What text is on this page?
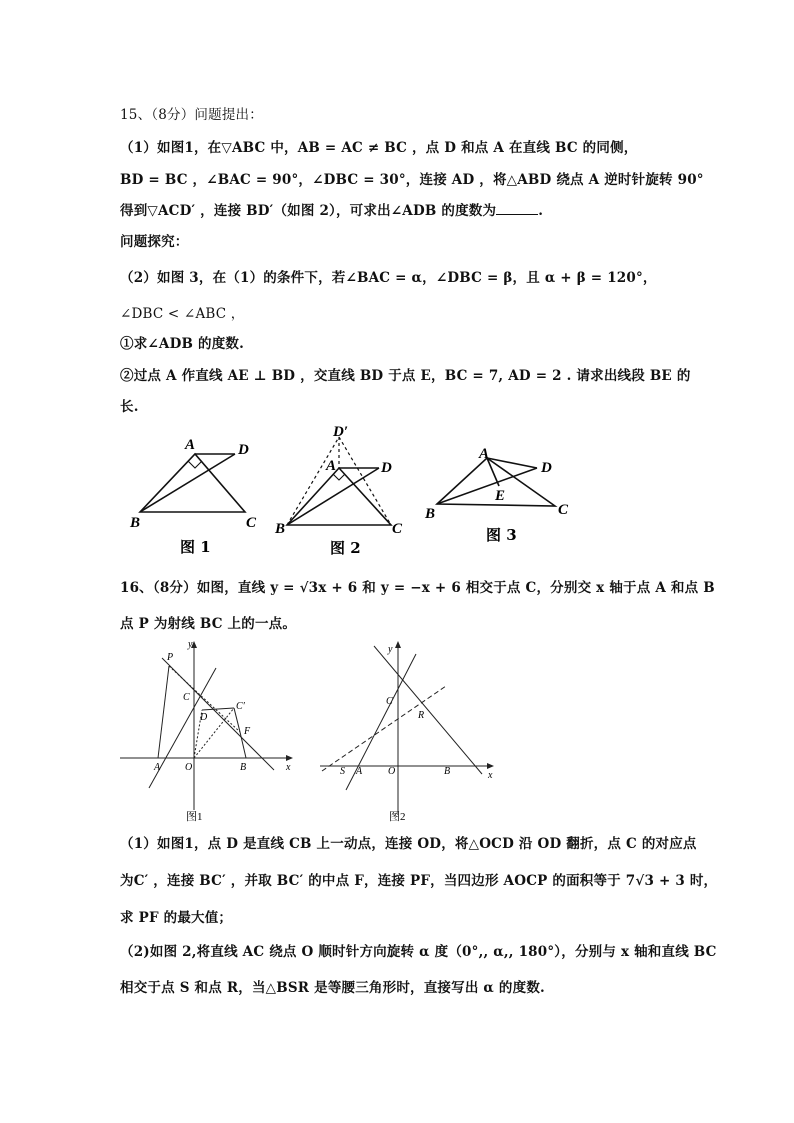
15、（8分）问题提出：
（1）如图1，在▽ABC 中，AB = AC ≠ BC ，点 D 和点 A 在直线 BC 的同侧，
BD = BC ，∠BAC = 90°，∠DBC = 30°，连接 AD ，将△ABD 绕点 A 逆时针旋转 90°
得到▽ACD′ ，连接 BD′（如图 2），可求出∠ADB 的度数为	.
问题探究：
（2）如图 3，在（1）的条件下，若∠BAC = α，∠DBC = β，且 α + β = 120°，
∠DBC < ∠ABC ，
①求∠ADB 的度数.
②过点 A 作直线 AE ⊥ BD ，交直线 BD 于点 E，BC = 7, AD = 2 . 请求出线段 BE 的
长.
A	D
B	C
图 1
D′
A	D
B	C
图 2
A
D
E
B	C
图 3
16、（8分）如图，直线 y = √3x + 6 和 y = −x + 6 相交于点 C，分别交 x 轴于点 A 和点 B
点 P 为射线 BC 上的一点。
y
x
P
C
C′
D
F
A O	B
图1
y
x
C
R
S A	O	B
图2
（1）如图1，点 D 是直线 CB 上一动点，连接 OD，将△OCD 沿 OD 翻折，点 C 的对应点
为C′ ，连接 BC′ ，并取 BC′ 的中点 F，连接 PF，当四边形 AOCP 的面积等于 7√3 + 3 时，
求 PF 的最大值；
（2)如图 2,将直线 AC 绕点 O 顺时针方向旋转 α 度（0°,, α,, 180°），分别与 x 轴和直线 BC
相交于点 S 和点 R，当△BSR 是等腰三角形时，直接写出 α 的度数.
